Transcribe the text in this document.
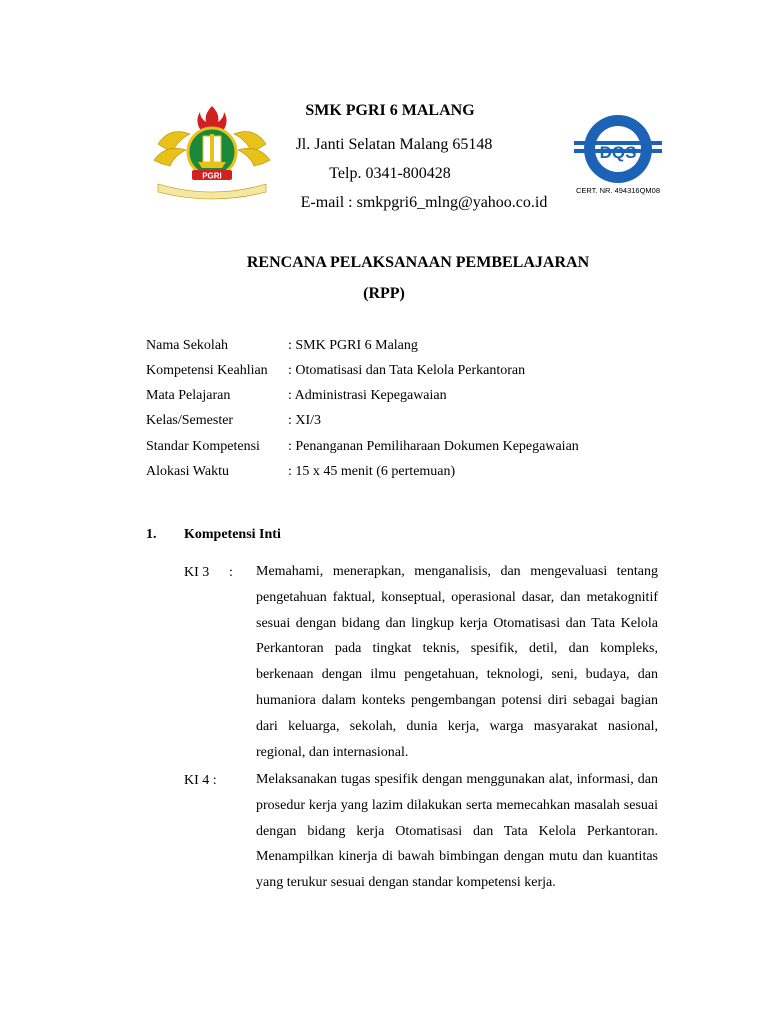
PGRI
DQS
CERT. NR. 494316QM08
SMK PGRI 6 MALANG
Jl. Janti Selatan Malang 65148
Telp. 0341-800428
E-mail : smkpgri6_mlng@yahoo.co.id
RENCANA PELAKSANAAN PEMBELAJARAN
(RPP)
Nama Sekolah	: SMK PGRI 6 Malang
Kompetensi Keahlian : Otomatisasi dan Tata Kelola Perkantoran
Mata Pelajaran	: Administrasi Kepegawaian
Kelas/Semester	: XI/3
Standar Kompetensi : Penanganan Pemiliharaan Dokumen Kepegawaian
Alokasi Waktu	: 15 x 45 menit (6 pertemuan)
1. Kompetensi Inti
KI 3 : Memahami, menerapkan, menganalisis, dan mengevaluasi tentang pengetahuan faktual, konseptual, operasional dasar, dan metakognitif sesuai dengan bidang dan lingkup kerja Otomatisasi dan Tata Kelola Perkantoran pada tingkat teknis, spesifik, detil, dan kompleks, berkenaan dengan ilmu pengetahuan, teknologi, seni, budaya, dan humaniora dalam konteks pengembangan potensi diri sebagai bagian dari keluarga, sekolah, dunia kerja, warga masyarakat nasional, regional, dan internasional.
KI 4 :	Melaksanakan tugas spesifik dengan menggunakan alat, informasi, dan prosedur kerja yang lazim dilakukan serta memecahkan masalah sesuai dengan bidang kerja Otomatisasi dan Tata Kelola Perkantoran. Menampilkan kinerja di bawah bimbingan dengan mutu dan kuantitas yang terukur sesuai dengan standar kompetensi kerja.
